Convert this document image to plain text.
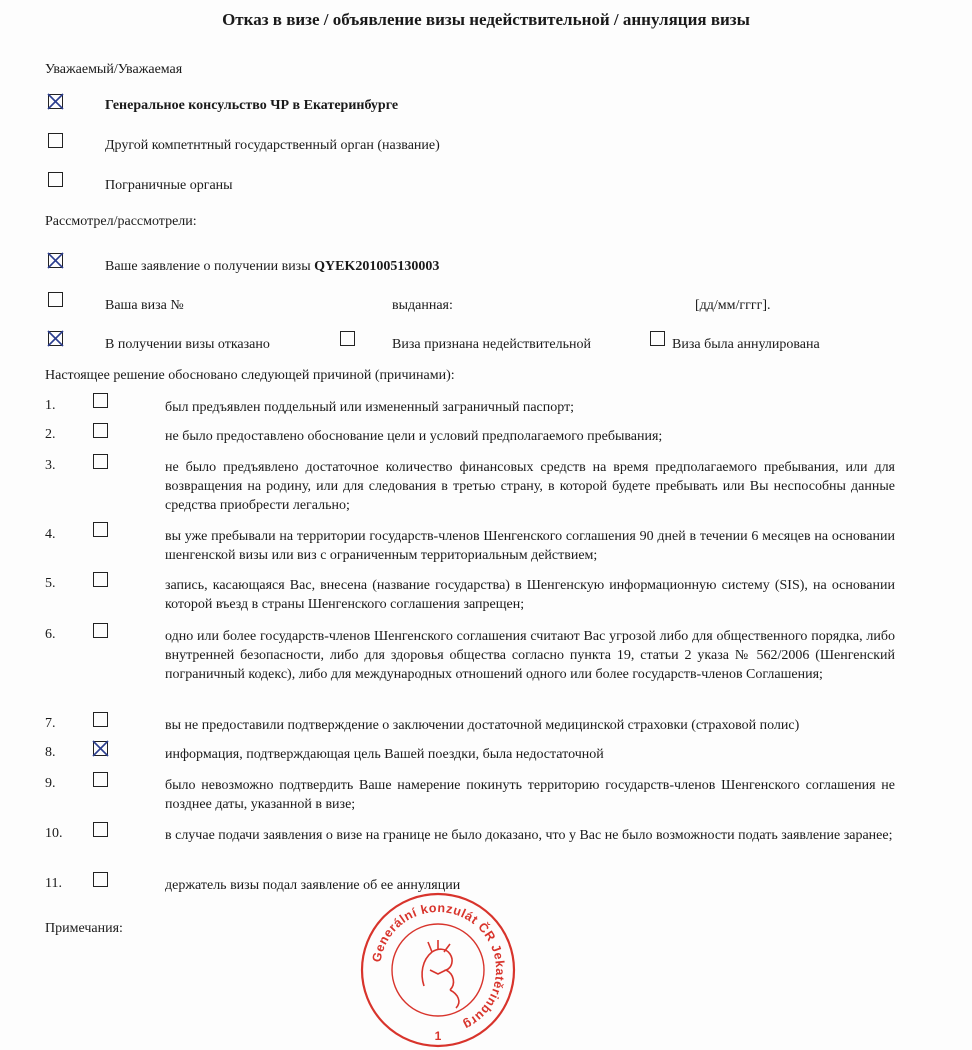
Отказ в визе / объявление визы недействительной / аннуляция визы
Уважаемый/Уважаемая
Генеральное консульство ЧР в Екатеринбурге
Другой компетнтный государственный орган (название)
Пограничные органы
Рассмотрел/рассмотрели:
Ваше заявление о получении визы QYEK201005130003
Ваша виза №	выданная:	[дд/мм/гггг].
В получении визы отказано	Виза признана недействительной	Виза была аннулирована
Настоящее решение обосновано следующей причиной (причинами):
1.	был предъявлен поддельный или измененный заграничный паспорт;
2.	не было предоставлено обоснование цели и условий предполагаемого пребывания;
3.	не было предъявлено достаточное количество финансовых средств на время предполагаемого пребывания, или для возвращения на родину, или для следования в третью страну, в которой будете пребывать или Вы неспособны данные средства приобрести легально;
4.	вы уже пребывали на территории государств-членов Шенгенского соглашения 90 дней в течении 6 месяцев на основании шенгенской визы или виз с ограниченным территориальным действием;
5.	запись, касающаяся Вас, внесена (название государства) в Шенгенскую информационную систему (SIS), на основании которой въезд в страны Шенгенского соглашения запрещен;
6.	одно или более государств-членов Шенгенского соглашения считают Вас угрозой либо для общественного порядка, либо внутренней безопасности, либо для здоровья общества согласно пункта 19, статьи 2 указа № 562/2006 (Шенгенский пограничный кодекс), либо для международных отношений одного или более государств-членов Соглашения;
7.	вы не предоставили подтверждение о заключении достаточной медицинской страховки (страховой полис)
8.	информация, подтверждающая цель Вашей поездки, была недостаточной
9.	было невозможно подтвердить Ваше намерение покинуть территорию государств-членов Шенгенского соглашения не позднее даты, указанной в визе;
10.	в случае подачи заявления о визе на границе не было доказано, что у Вас не было возможности подать заявление заранее;
11.	держатель визы подал заявление об ее аннуляции
Примечания:
Generální konzulát ČR Jekatěrinburg
1
